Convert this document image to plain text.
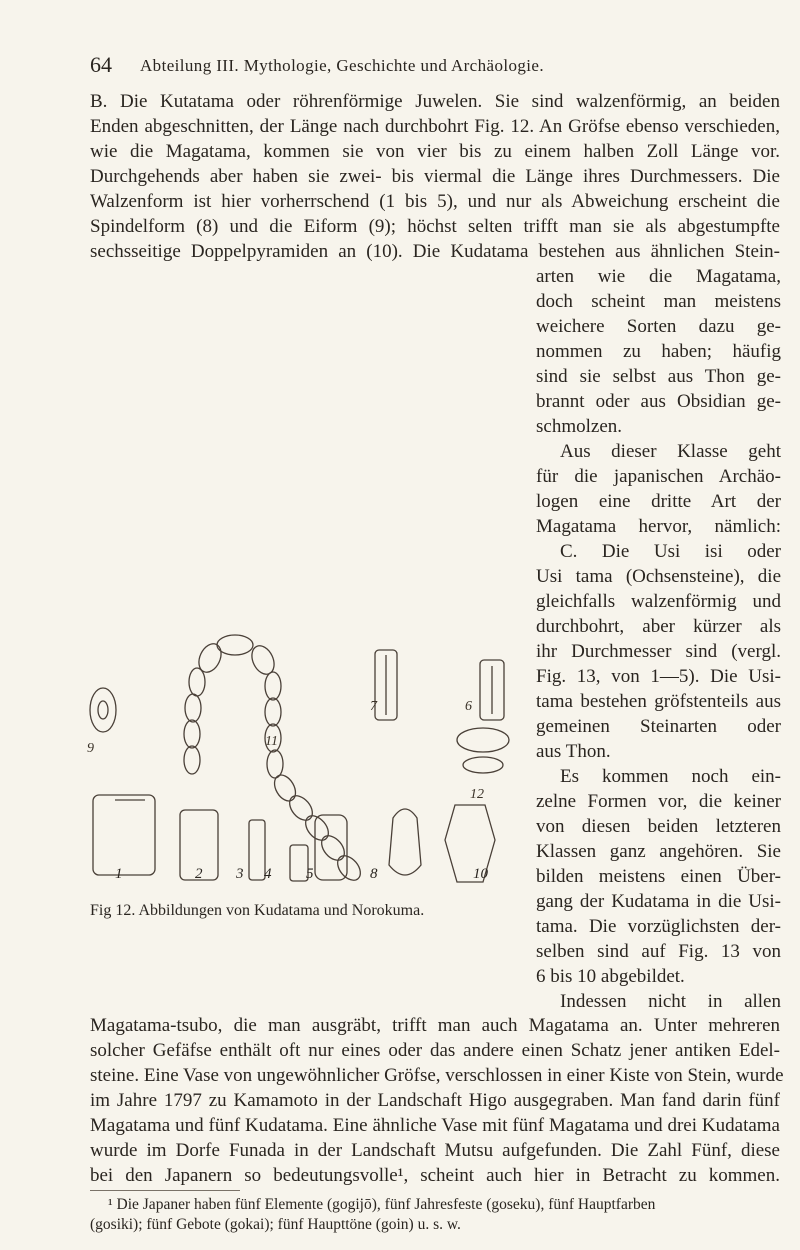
64 Abteilung III. Mythologie, Geschichte und Archäologie.
B. Die Kutatama oder röhrenförmige Juwelen. Sie sind walzenförmig, an beiden
Enden abgeschnitten, der Länge nach durchbohrt Fig. 12. An Gröfse ebenso verschieden,
wie die Magatama, kommen sie von vier bis zu einem halben Zoll Länge vor.
Durchgehends aber haben sie zwei- bis viermal die Länge ihres Durchmessers. Die
Walzenform ist hier vorherrschend (1 bis 5), und nur als Abweichung erscheint die
Spindelform (8) und die Eiform (9); höchst selten trifft man sie als abgestumpfte
sechsseitige Doppelpyramiden an (10). Die Kudatama bestehen aus ähnlichen Stein-
arten wie die Magatama,
doch scheint man meistens
weichere Sorten dazu ge-
nommen zu haben; häufig
sind sie selbst aus Thon ge-
brannt oder aus Obsidian ge-
schmolzen.
Aus dieser Klasse geht
für die japanischen Archäo-
logen eine dritte Art der
Magatama hervor, nämlich:
C. Die Usi isi oder
Usi tama (Ochsensteine), die
gleichfalls walzenförmig und
durchbohrt, aber kürzer als
ihr Durchmesser sind (vergl.
Fig. 13, von 1—5). Die Usi-
tama bestehen gröfstenteils aus
gemeinen Steinarten oder
aus Thon.
Es kommen noch ein-
zelne Formen vor, die keiner
von diesen beiden letzteren
Klassen ganz angehören. Sie
bilden meistens einen Über-
gang der Kudatama in die Usi-
tama. Die vorzüglichsten der-
selben sind auf Fig. 13 von
6 bis 10 abgebildet.
Indessen nicht in allen
7	6
12
9	11
1	2 3 4 5	8	10
Fig 12. Abbildungen von Kudatama und Norokuma.
Magatama-tsubo, die man ausgräbt, trifft man auch Magatama an. Unter mehreren
solcher Gefäfse enthält oft nur eines oder das andere einen Schatz jener antiken Edel-
steine. Eine Vase von ungewöhnlicher Gröfse, verschlossen in einer Kiste von Stein, wurde
im Jahre 1797 zu Kamamoto in der Landschaft Higo ausgegraben. Man fand darin fünf
Magatama und fünf Kudatama. Eine ähnliche Vase mit fünf Magatama und drei Kudatama
wurde im Dorfe Funada in der Landschaft Mutsu aufgefunden. Die Zahl Fünf, diese
bei den Japanern so bedeutungsvolle¹, scheint auch hier in Betracht zu kommen.
¹ Die Japaner haben fünf Elemente (gogijō), fünf Jahresfeste (goseku), fünf Hauptfarben
(gosiki); fünf Gebote (gokai); fünf Haupttöne (goin) u. s. w.
